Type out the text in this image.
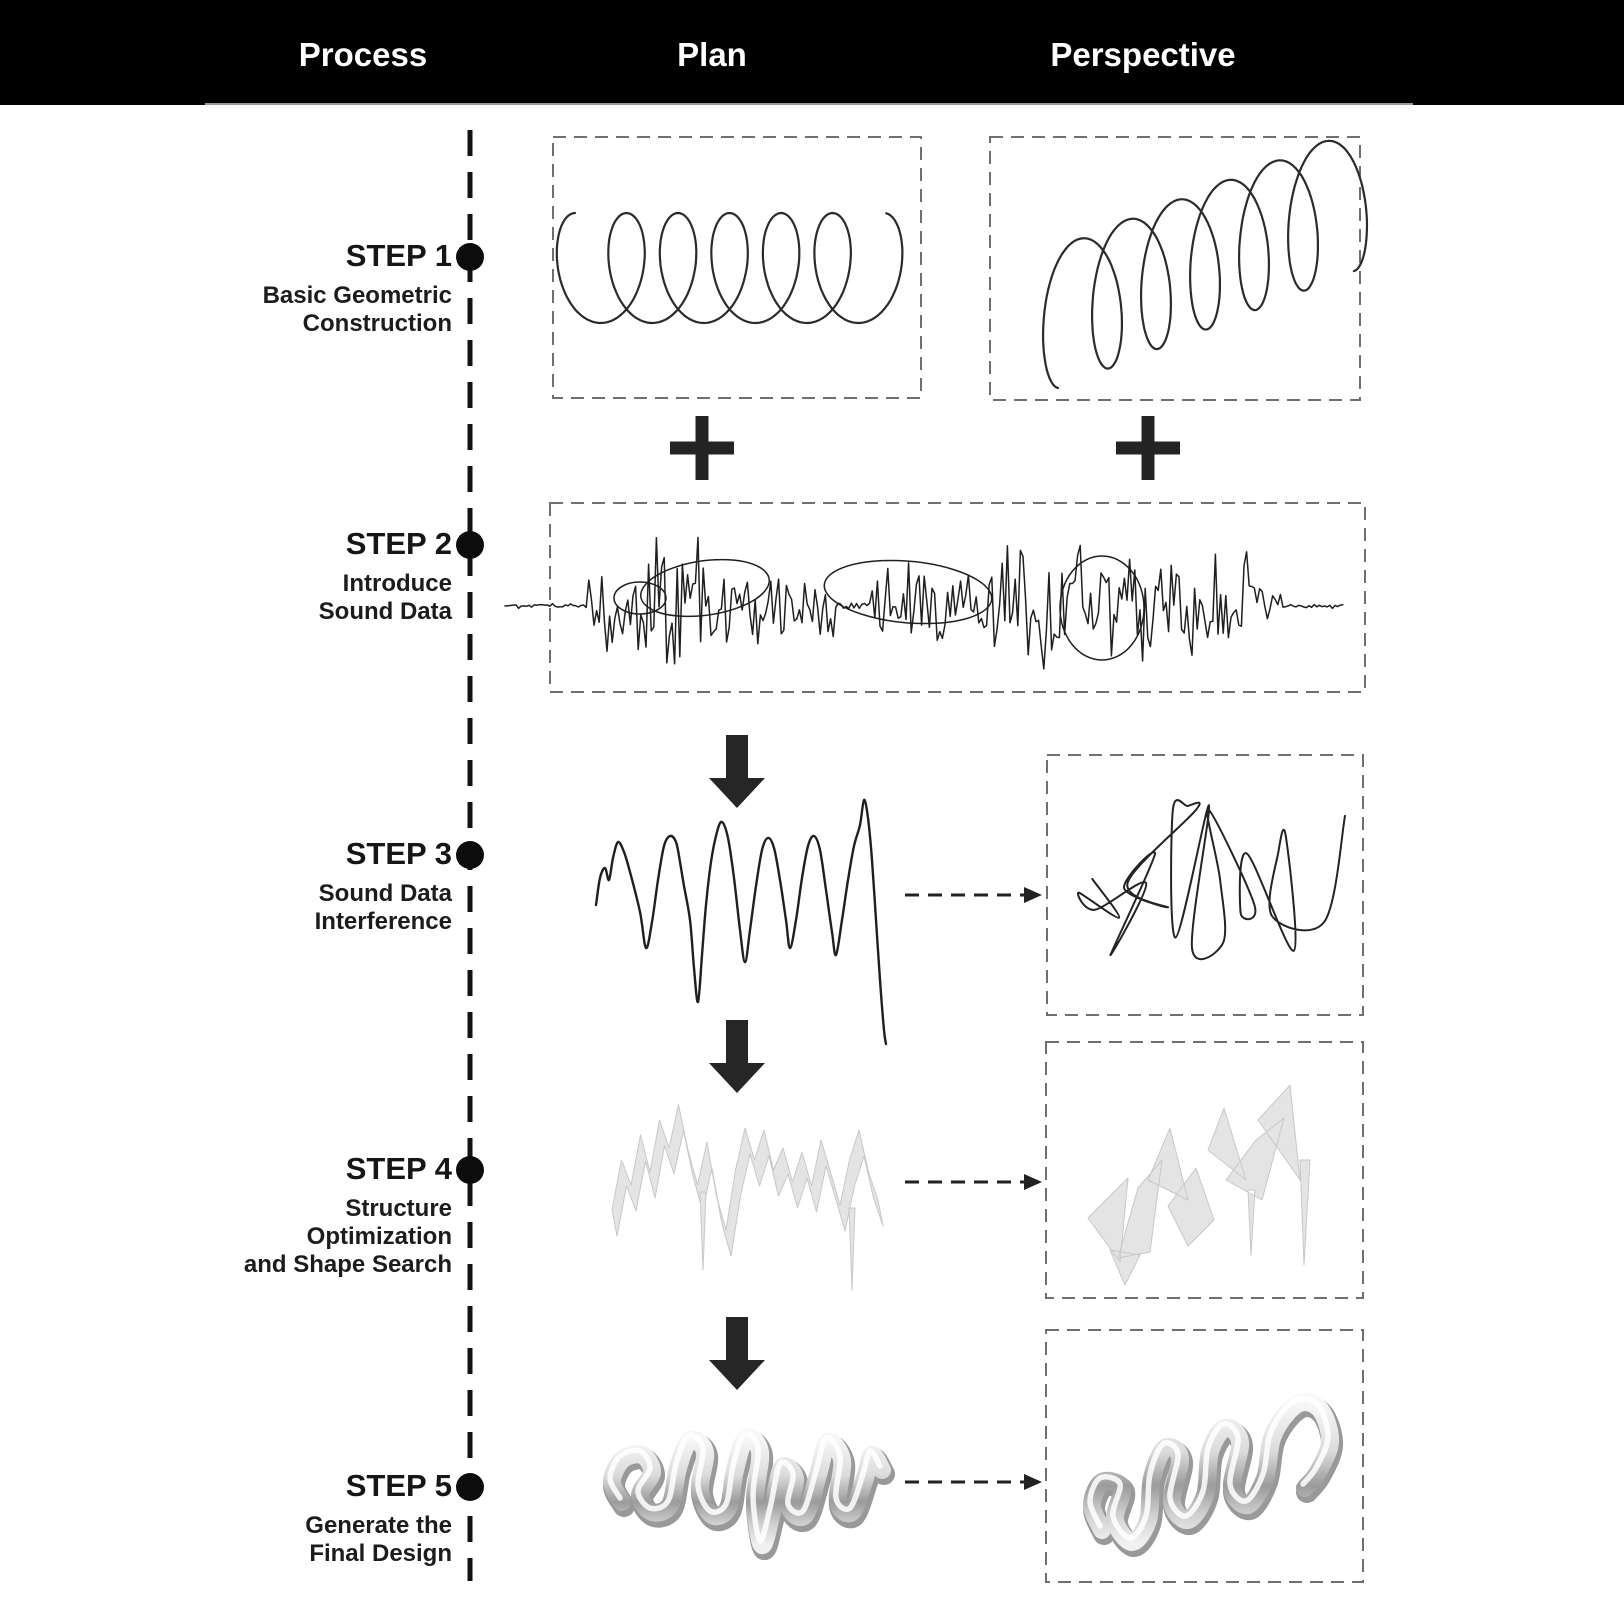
Process	Plan	Perspective
STEP 1
Basic Geometric
Construction
STEP 2
Introduce
Sound Data
STEP 3
Sound Data
Interference
STEP 4
Structure
Optimization
and Shape Search
STEP 5
Generate the
Final Design
